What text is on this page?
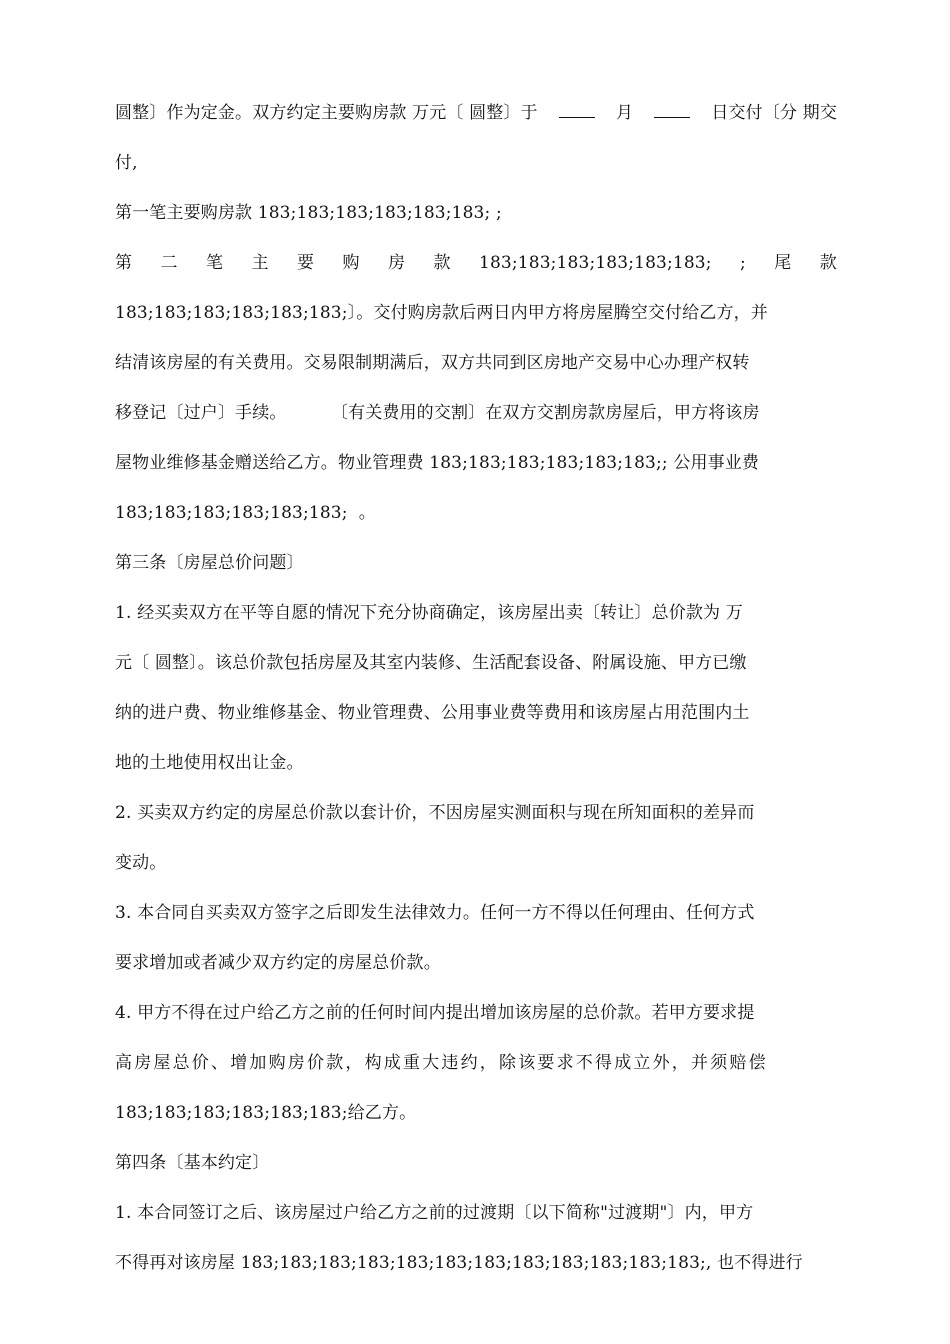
圆整〕作为定金。双方约定主要购房款 万元〔 圆整〕于	月	日交付〔分 期交
付,
第一笔主要购房款 183;183;183;183;183;183; ;
第 二 笔 主 要 购 房 款 183;183;183;183;183;183; ; 尾 款
183;183;183;183;183;183;〕。交付购房款后两日内甲方将房屋腾空交付给乙方，并
结清该房屋的有关费用。交易限制期满后，双方共同到区房地产交易中心办理产权转
移登记〔过户〕手续。        〔有关费用的交割〕在双方交割房款房屋后，甲方将该房
屋物业维修基金赠送给乙方。物业管理费 183;183;183;183;183;183;; 公用事业费
183;183;183;183;183;183;  。
第三条〔房屋总价问题〕
1. 经买卖双方在平等自愿的情况下充分协商确定，该房屋出卖〔转让〕总价款为 万
元〔 圆整〕。该总价款包括房屋及其室内装修、生活配套设备、附属设施、甲方已缴
纳的进户费、物业维修基金、物业管理费、公用事业费等费用和该房屋占用范围内土
地的土地使用权出让金。
2. 买卖双方约定的房屋总价款以套计价，不因房屋实测面积与现在所知面积的差异而
变动。
3. 本合同自买卖双方签字之后即发生法律效力。任何一方不得以任何理由、任何方式
要求增加或者减少双方约定的房屋总价款。
4. 甲方不得在过户给乙方之前的任何时间内提出增加该房屋的总价款。若甲方要求提
高房屋总价、增加购房价款，构成重大违约，除该要求不得成立外，并须赔偿
183;183;183;183;183;183;给乙方。
第四条〔基本约定〕
1. 本合同签订之后、该房屋过户给乙方之前的过渡期〔以下简称"过渡期"〕内，甲方
不得再对该房屋 183;183;183;183;183;183;183;183;183;183;183;183;, 也不得进行
